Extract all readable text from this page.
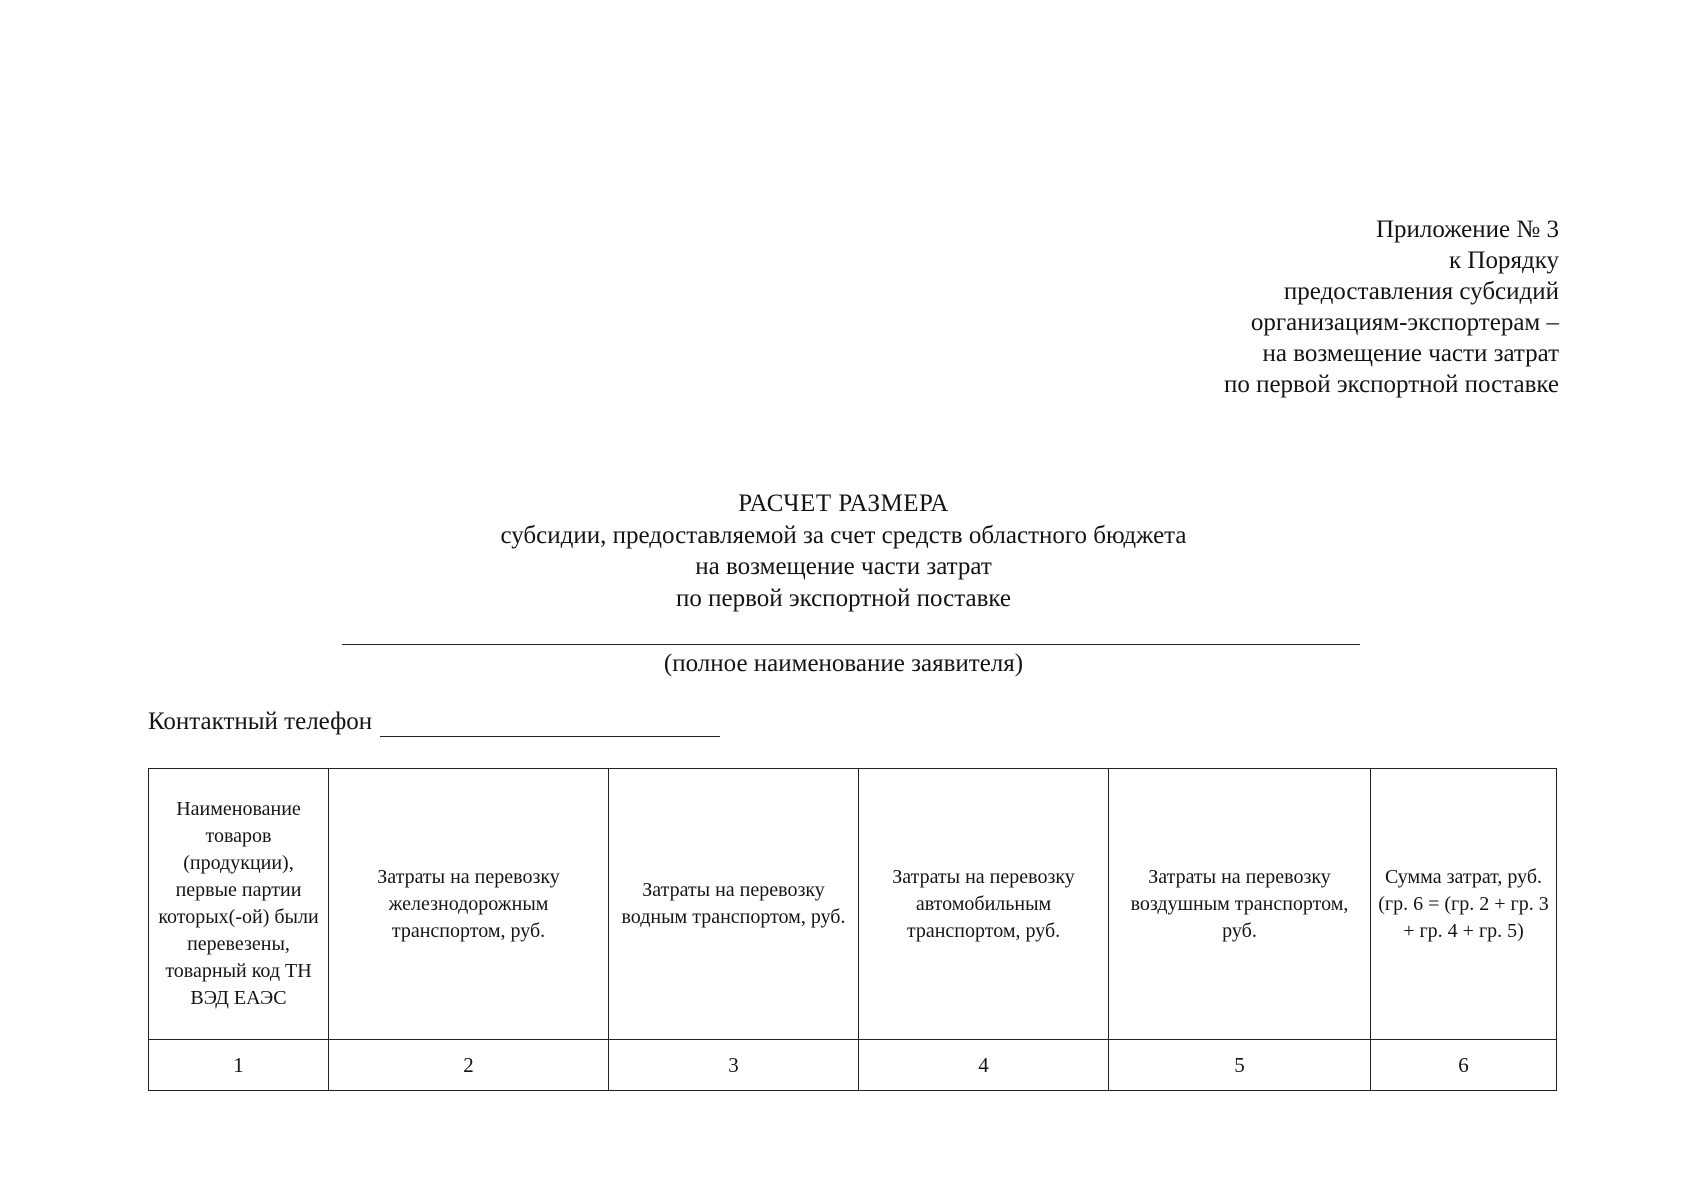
Приложение № 3
к Порядку
предоставления субсидий
организациям-экспортерам –
на возмещение части затрат
по первой экспортной поставке
РАСЧЕТ РАЗМЕРА
субсидии, предоставляемой за счет средств областного бюджета
на возмещение части затрат
по первой экспортной поставке
(полное наименование заявителя)
Контактный телефон
Наименование товаров (продукции), первые партии которых(-ой) были перевезены, товарный код ТН ВЭД ЕАЭС	Затраты на перевозку железнодорожным транспортом, руб.	Затраты на перевозку водным транспортом, руб.	Затраты на перевозку автомобильным транспортом, руб.	Затраты на перевозку воздушным транспортом, руб.	Сумма затрат, руб. (гр. 6 = (гр. 2 + гр. 3 + гр. 4 + гр. 5)
1	2	3	4	5	6
